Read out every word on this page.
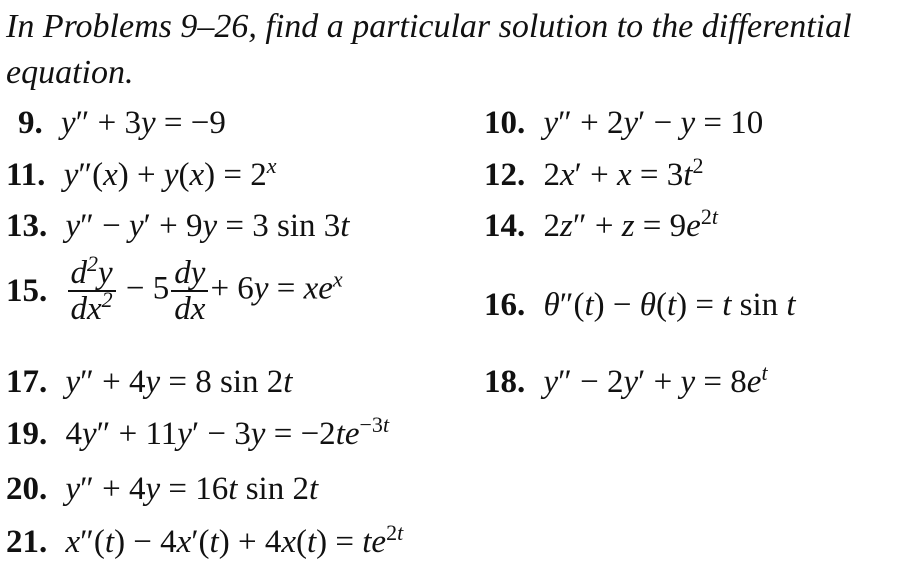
In Problems 9–26, find a particular solution to the differential equation.
9. y″ + 3y = −9	10. y″ + 2y′ − y = 10
11. $y''(x) + y(x) = 2^x$	12. $2x' + x = 3t^2$
13. y″ − y′ + 9y = 3 sin 3t	14. $2z'' + z = 9e^{2t}$
15. $\frac{d^2y}{dx^2} - 5 \frac{dy}{dx} + 6y = xe^x$
16. θ″(t) − θ(t) = t sin t
17. y″ + 4y = 8 sin 2t	18. $y'' - 2y' + y = 8e^t$
19. $4y'' + 11y' - 3y = -2te^{-3t}$
20. y″ + 4y = 16t sin 2t
21. $x''(t) - 4x'(t) + 4x(t) = te^{2t}$
